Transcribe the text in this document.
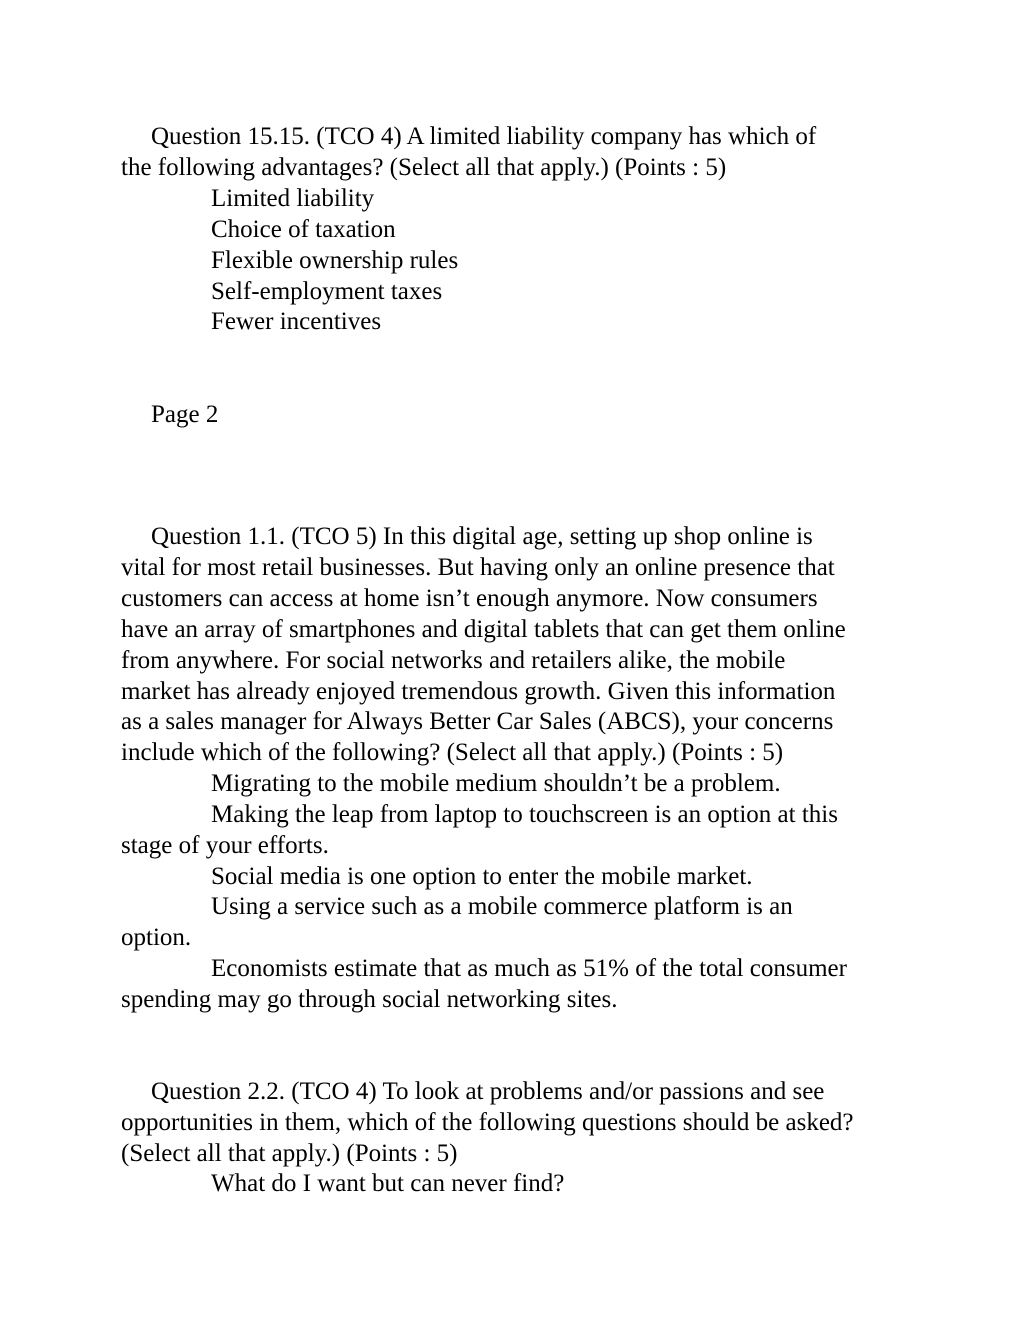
Question 15.15. (TCO 4) A limited liability company has which of
the following advantages? (Select all that apply.) (Points : 5)
Limited liability
Choice of taxation
Flexible ownership rules
Self-employment taxes
Fewer incentives
Page 2
Question 1.1. (TCO 5) In this digital age, setting up shop online is
vital for most retail businesses. But having only an online presence that
customers can access at home isn’t enough anymore. Now consumers
have an array of smartphones and digital tablets that can get them online
from anywhere. For social networks and retailers alike, the mobile
market has already enjoyed tremendous growth. Given this information
as a sales manager for Always Better Car Sales (ABCS), your concerns
include which of the following? (Select all that apply.) (Points : 5)
Migrating to the mobile medium shouldn’t be a problem.
Making the leap from laptop to touchscreen is an option at this
stage of your efforts.
Social media is one option to enter the mobile market.
Using a service such as a mobile commerce platform is an
option.
Economists estimate that as much as 51% of the total consumer
spending may go through social networking sites.
Question 2.2. (TCO 4) To look at problems and/or passions and see
opportunities in them, which of the following questions should be asked?
(Select all that apply.) (Points : 5)
What do I want but can never find?
